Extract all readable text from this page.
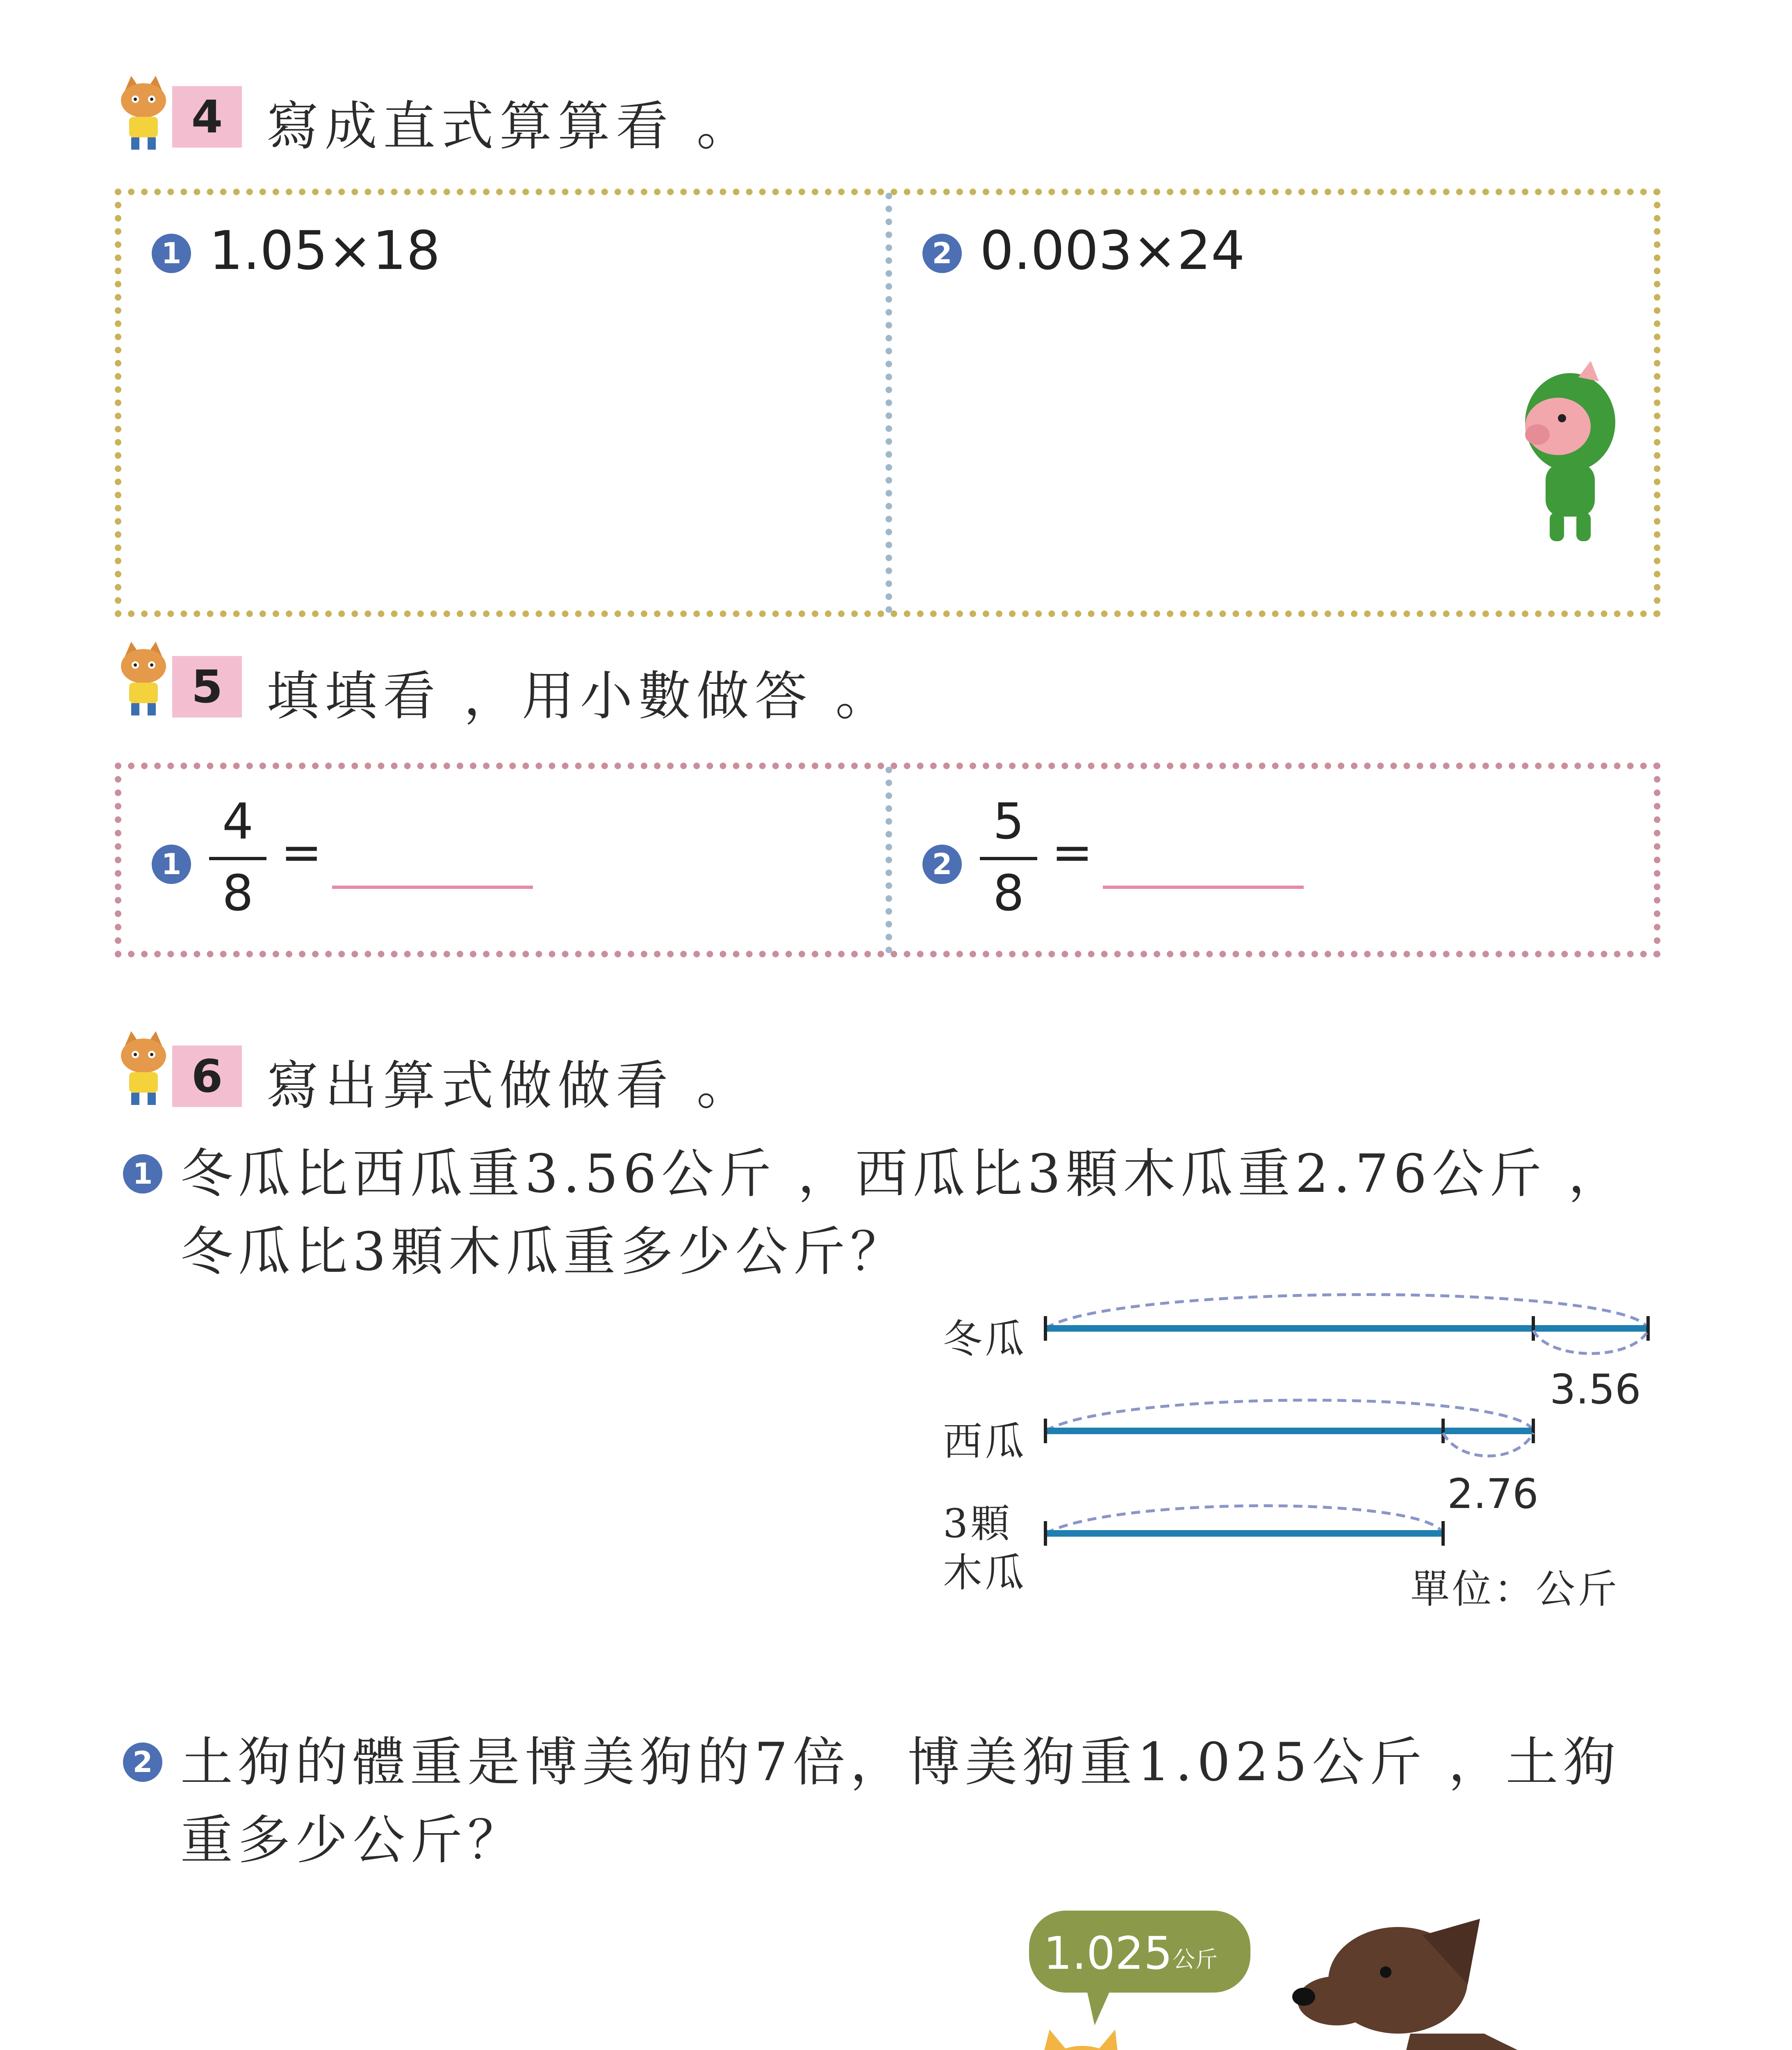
4 寫成直式算算看 。
1 1.05×18	2 0.003×24
5 填填看 ，用小數做答 。
1
4
8
=	2
5
8
=
6 寫出算式做做看 。
1 冬瓜比西瓜重3.56公斤 ，西瓜比3顆木瓜重2.76公斤 ，
冬瓜比3顆木瓜重多少公斤？
冬瓜
西瓜
3顆
木瓜
3.56
2.76
單位：公斤
2 土狗的體重是博美狗的7倍，博美狗重1.025公斤 ，土狗
重多少公斤？
1.025 公斤
